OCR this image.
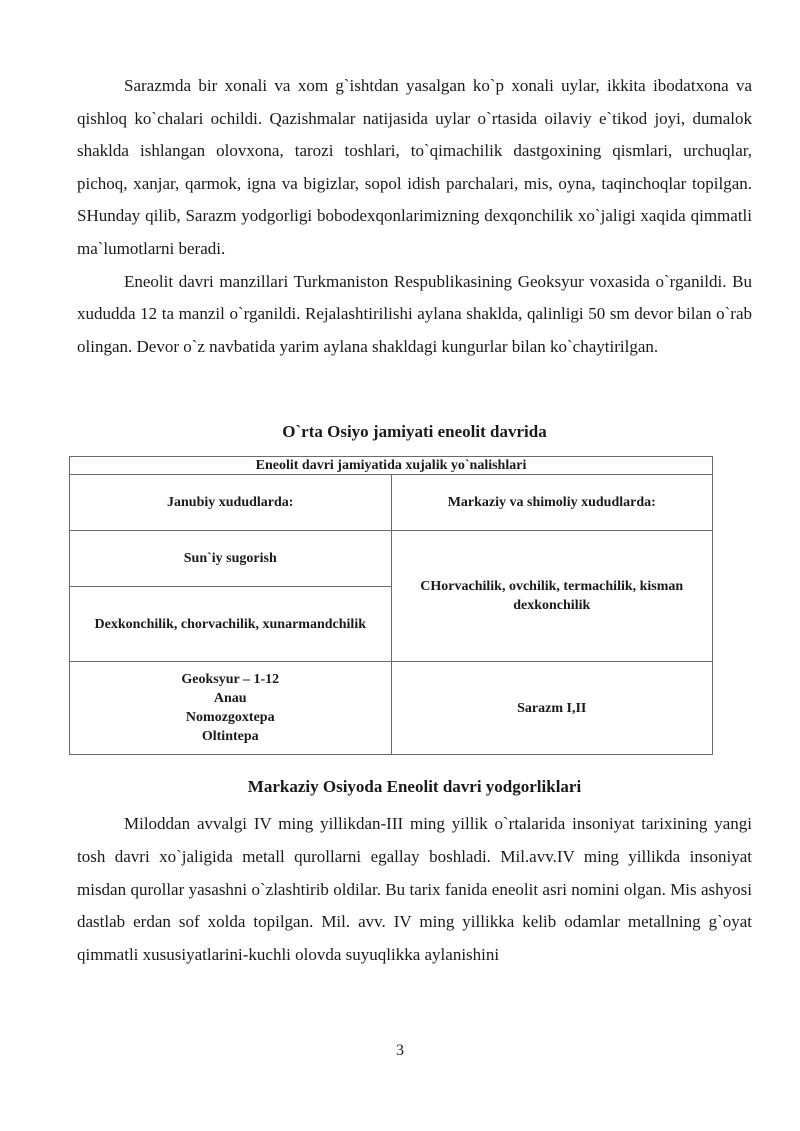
Sarazmda bir xonali va xom g`ishtdan yasalgan ko`p xonali uylar, ikkita ibodatxona va qishloq ko`chalari ochildi. Qazishmalar natijasida uylar o`rtasida oilaviy e`tikod joyi, dumalok shaklda ishlangan olovxona, tarozi toshlari, to`qimachilik dastgoxining qismlari, urchuqlar, pichoq, xanjar, qarmok, igna va bigizlar, sopol idish parchalari, mis, oyna, taqinchoqlar topilgan. SHunday qilib, Sarazm yodgorligi bobodexqonlarimizning dexqonchilik xo`jaligi xaqida qimmatli ma`lumotlarni beradi.

Eneolit davri manzillari Turkmaniston Respublikasining Geoksyur voxasida o`rganildi. Bu xududda 12 ta manzil o`rganildi. Rejalashtirilishi aylana shaklda, qalinligi 50 sm devor bilan o`rab olingan. Devor o`z navbatida yarim aylana shakldagi kungurlar bilan ko`chaytirilgan.

O`rta Osiyo jamiyati eneolit davrida
Eneolit davri jamiyatida xujalik yo`nalishlari	
Janubiy xududlarda:	Markaziy va shimoliy xududlarda:
Sun`iy sugorish	CHorvachilik, ovchilik, termachilik, kisman dexkonchilik
Dexkonchilik, chorvachilik, xunarmandchilik	

Geoksyur – 1-12
Anau
Nomozgoxtepa
Oltintepa	Sarazm I,II
Markaziy Osiyoda Eneolit davri yodgorliklari

Miloddan avvalgi IV ming yillikdan-III ming yillik o`rtalarida insoniyat tarixining yangi tosh davri xo`jaligida metall qurollarni egallay boshladi. Mil.avv.IV ming yillikda insoniyat misdan qurollar yasashni o`zlashtirib oldilar. Bu tarix fanida eneolit asri nomini olgan. Mis ashyosi dastlab erdan sof xolda topilgan. Mil. avv. IV ming yillikka kelib odamlar metallning g`oyat qimmatli xususiyatlarini-kuchli olovda suyuqlikka aylanishini

3
